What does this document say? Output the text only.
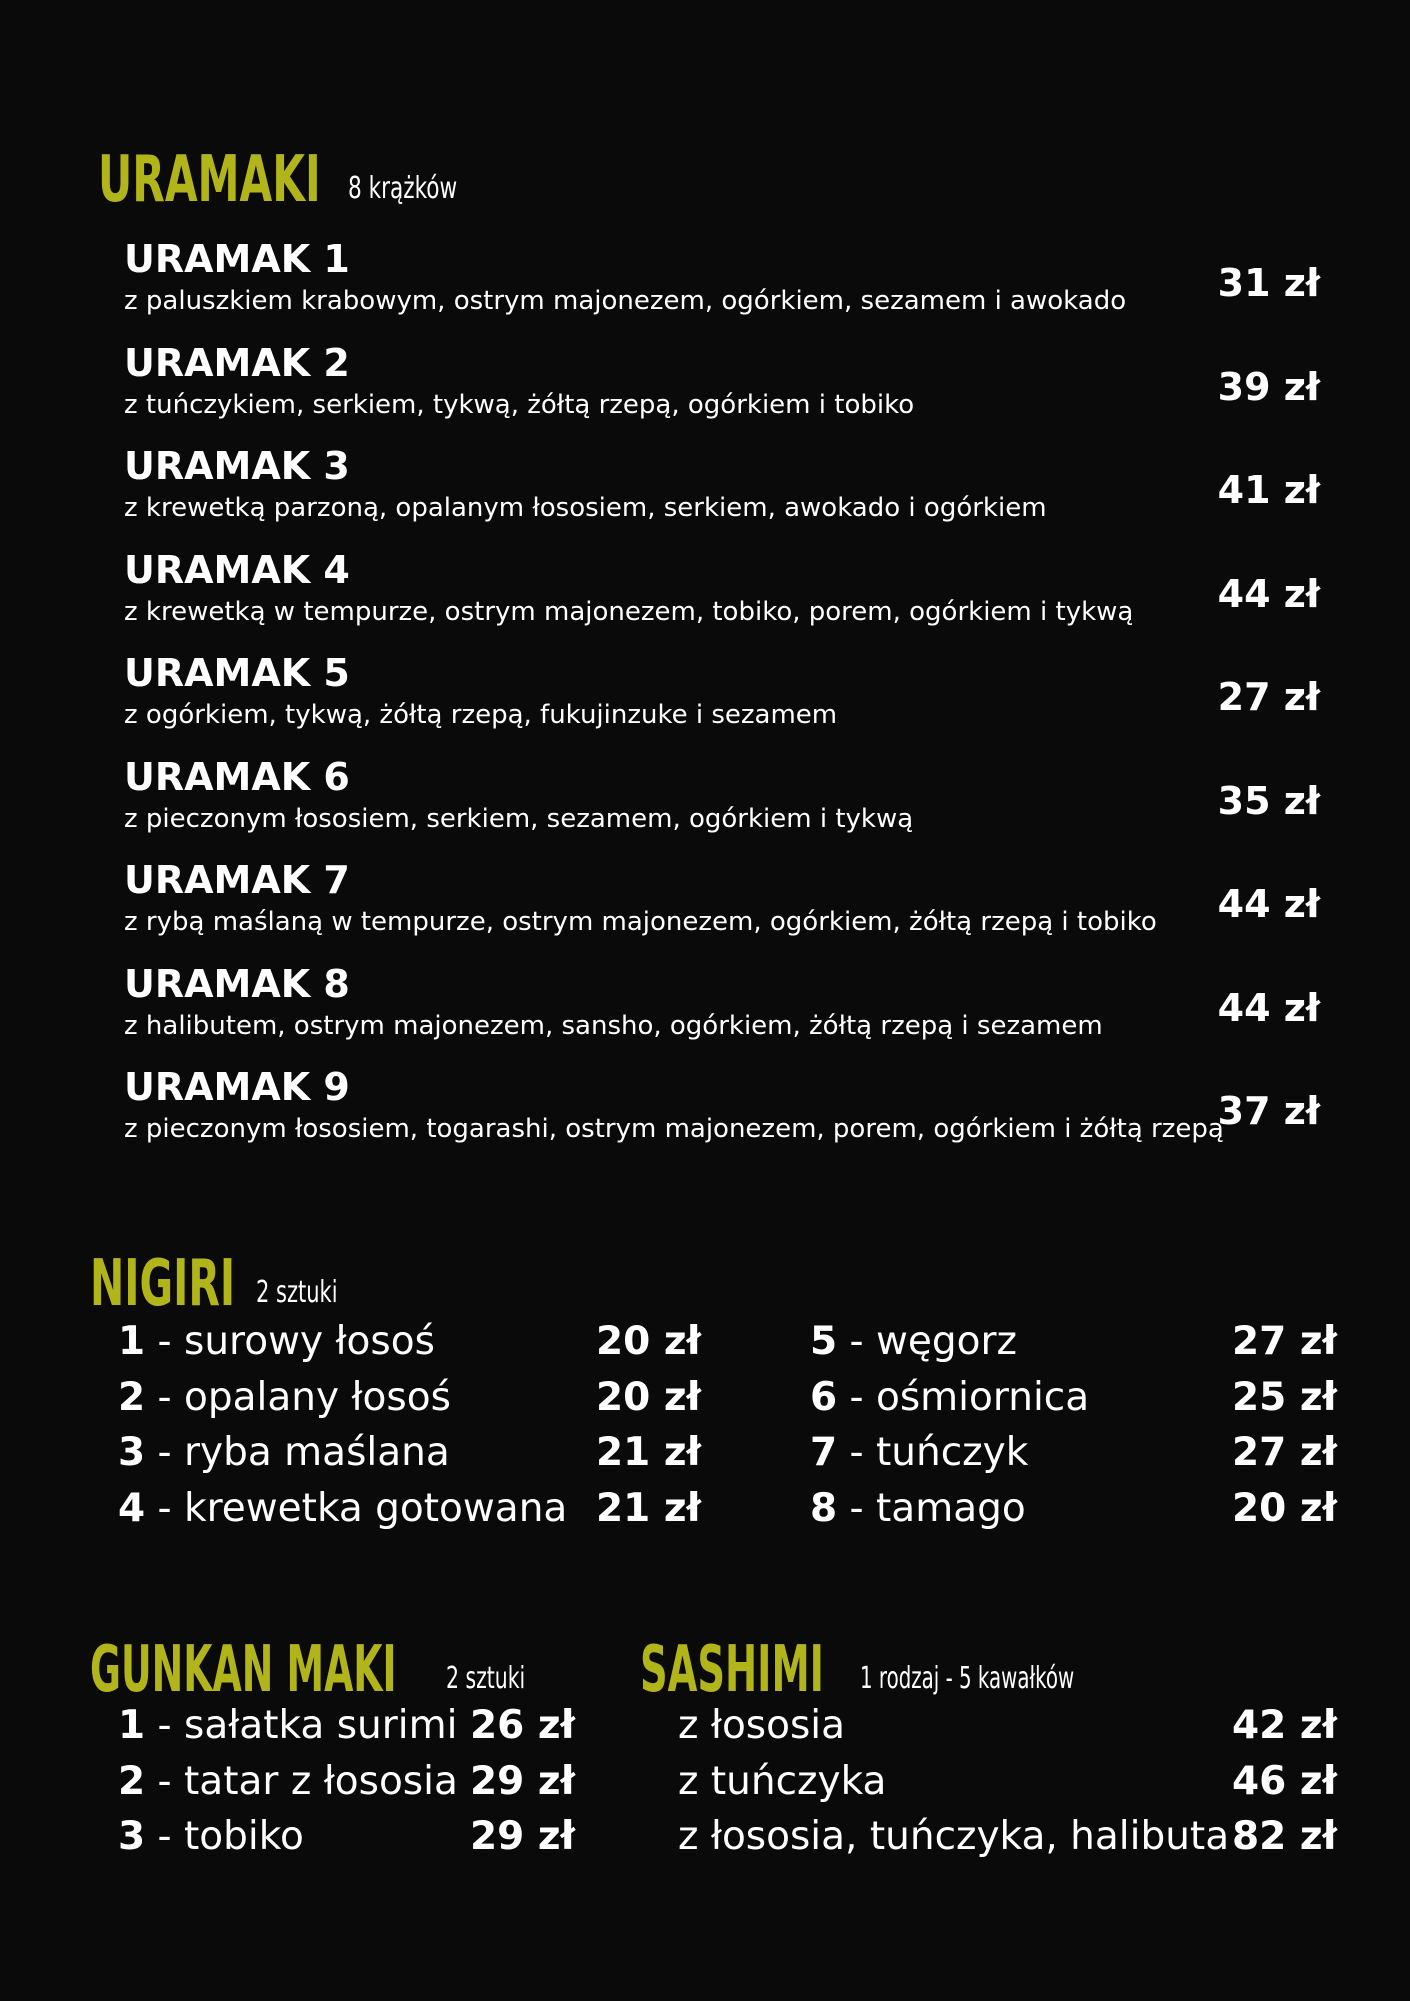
URAMAKI 8 krążków
URAMAK 1
z paluszkiem krabowym, ostrym majonezem, ogórkiem, sezamem i awokado 31 zł
URAMAK 2
z tuńczykiem, serkiem, tykwą, żółtą rzepą, ogórkiem i tobiko	39 zł
URAMAK 3
z krewetką parzoną, opalanym łososiem, serkiem, awokado i ogórkiem	41 zł
URAMAK 4
z krewetką w tempurze, ostrym majonezem, tobiko, porem, ogórkiem i tykwą 44 zł
URAMAK 5
z ogórkiem, tykwą, żółtą rzepą, fukujinzuke i sezamem	27 zł
URAMAK 6
z pieczonym łososiem, serkiem, sezamem, ogórkiem i tykwą	35 zł
URAMAK 7
z rybą maślaną w tempurze, ostrym majonezem, ogórkiem, żółtą rzepą i tobiko 44 zł
URAMAK 8
z halibutem, ostrym majonezem, sansho, ogórkiem, żółtą rzepą i sezamem	44 zł
URAMAK 9
z pieczonym łososiem, togarashi, ostrym majonezem, porem, ogórkiem i żółtą rzepą
37 zł
NIGIRI 2 sztuki
1 - surowy łosoś	20 zł
2 - opalany łosoś	20 zł
3 - ryba maślana	21 zł
4 - krewetka gotowana 21 zł
5 - węgorz	27 zł
6 - ośmiornica	25 zł
7 - tuńczyk	27 zł
8 - tamago	20 zł
GUNKAN MAKI 2 sztuki
1 - sałatka surimi 26 zł
2 - tatar z łososia 29 zł
3 - tobiko	29 zł
SASHIMI 1 rodzaj - 5 kawałków
z łososia	42 zł
z tuńczyka	46 zł
z łososia, tuńczyka, halibuta 82 zł
